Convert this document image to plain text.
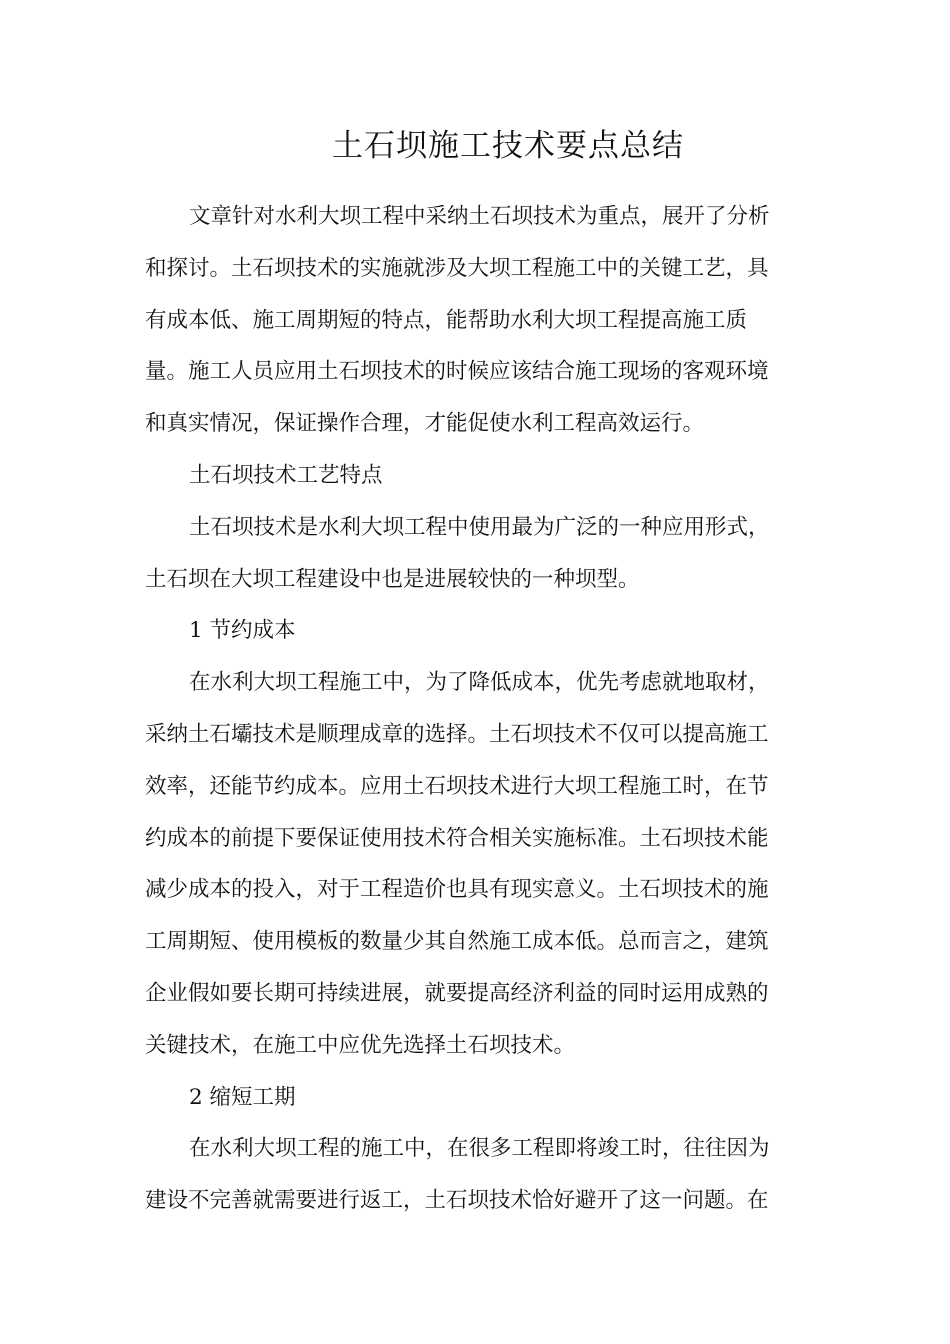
土石坝施工技术要点总结
文章针对水利大坝工程中采纳土石坝技术为重点，展开了分析
和探讨。土石坝技术的实施就涉及大坝工程施工中的关键工艺，具
有成本低、施工周期短的特点，能帮助水利大坝工程提高施工质
量。施工人员应用土石坝技术的时候应该结合施工现场的客观环境
和真实情况，保证操作合理，才能促使水利工程高效运行。
土石坝技术工艺特点
土石坝技术是水利大坝工程中使用最为广泛的一种应用形式，
土石坝在大坝工程建设中也是进展较快的一种坝型。
1 节约成本
在水利大坝工程施工中，为了降低成本，优先考虑就地取材，
采纳土石壩技术是顺理成章的选择。土石坝技术不仅可以提高施工
效率，还能节约成本。应用土石坝技术进行大坝工程施工时，在节
约成本的前提下要保证使用技术符合相关实施标准。土石坝技术能
减少成本的投入，对于工程造价也具有现实意义。土石坝技术的施
工周期短、使用模板的数量少其自然施工成本低。总而言之，建筑
企业假如要长期可持续进展，就要提高经济利益的同时运用成熟的
关键技术，在施工中应优先选择土石坝技术。
2 缩短工期
在水利大坝工程的施工中，在很多工程即将竣工时，往往因为
建设不完善就需要进行返工，土石坝技术恰好避开了这一问题。在
